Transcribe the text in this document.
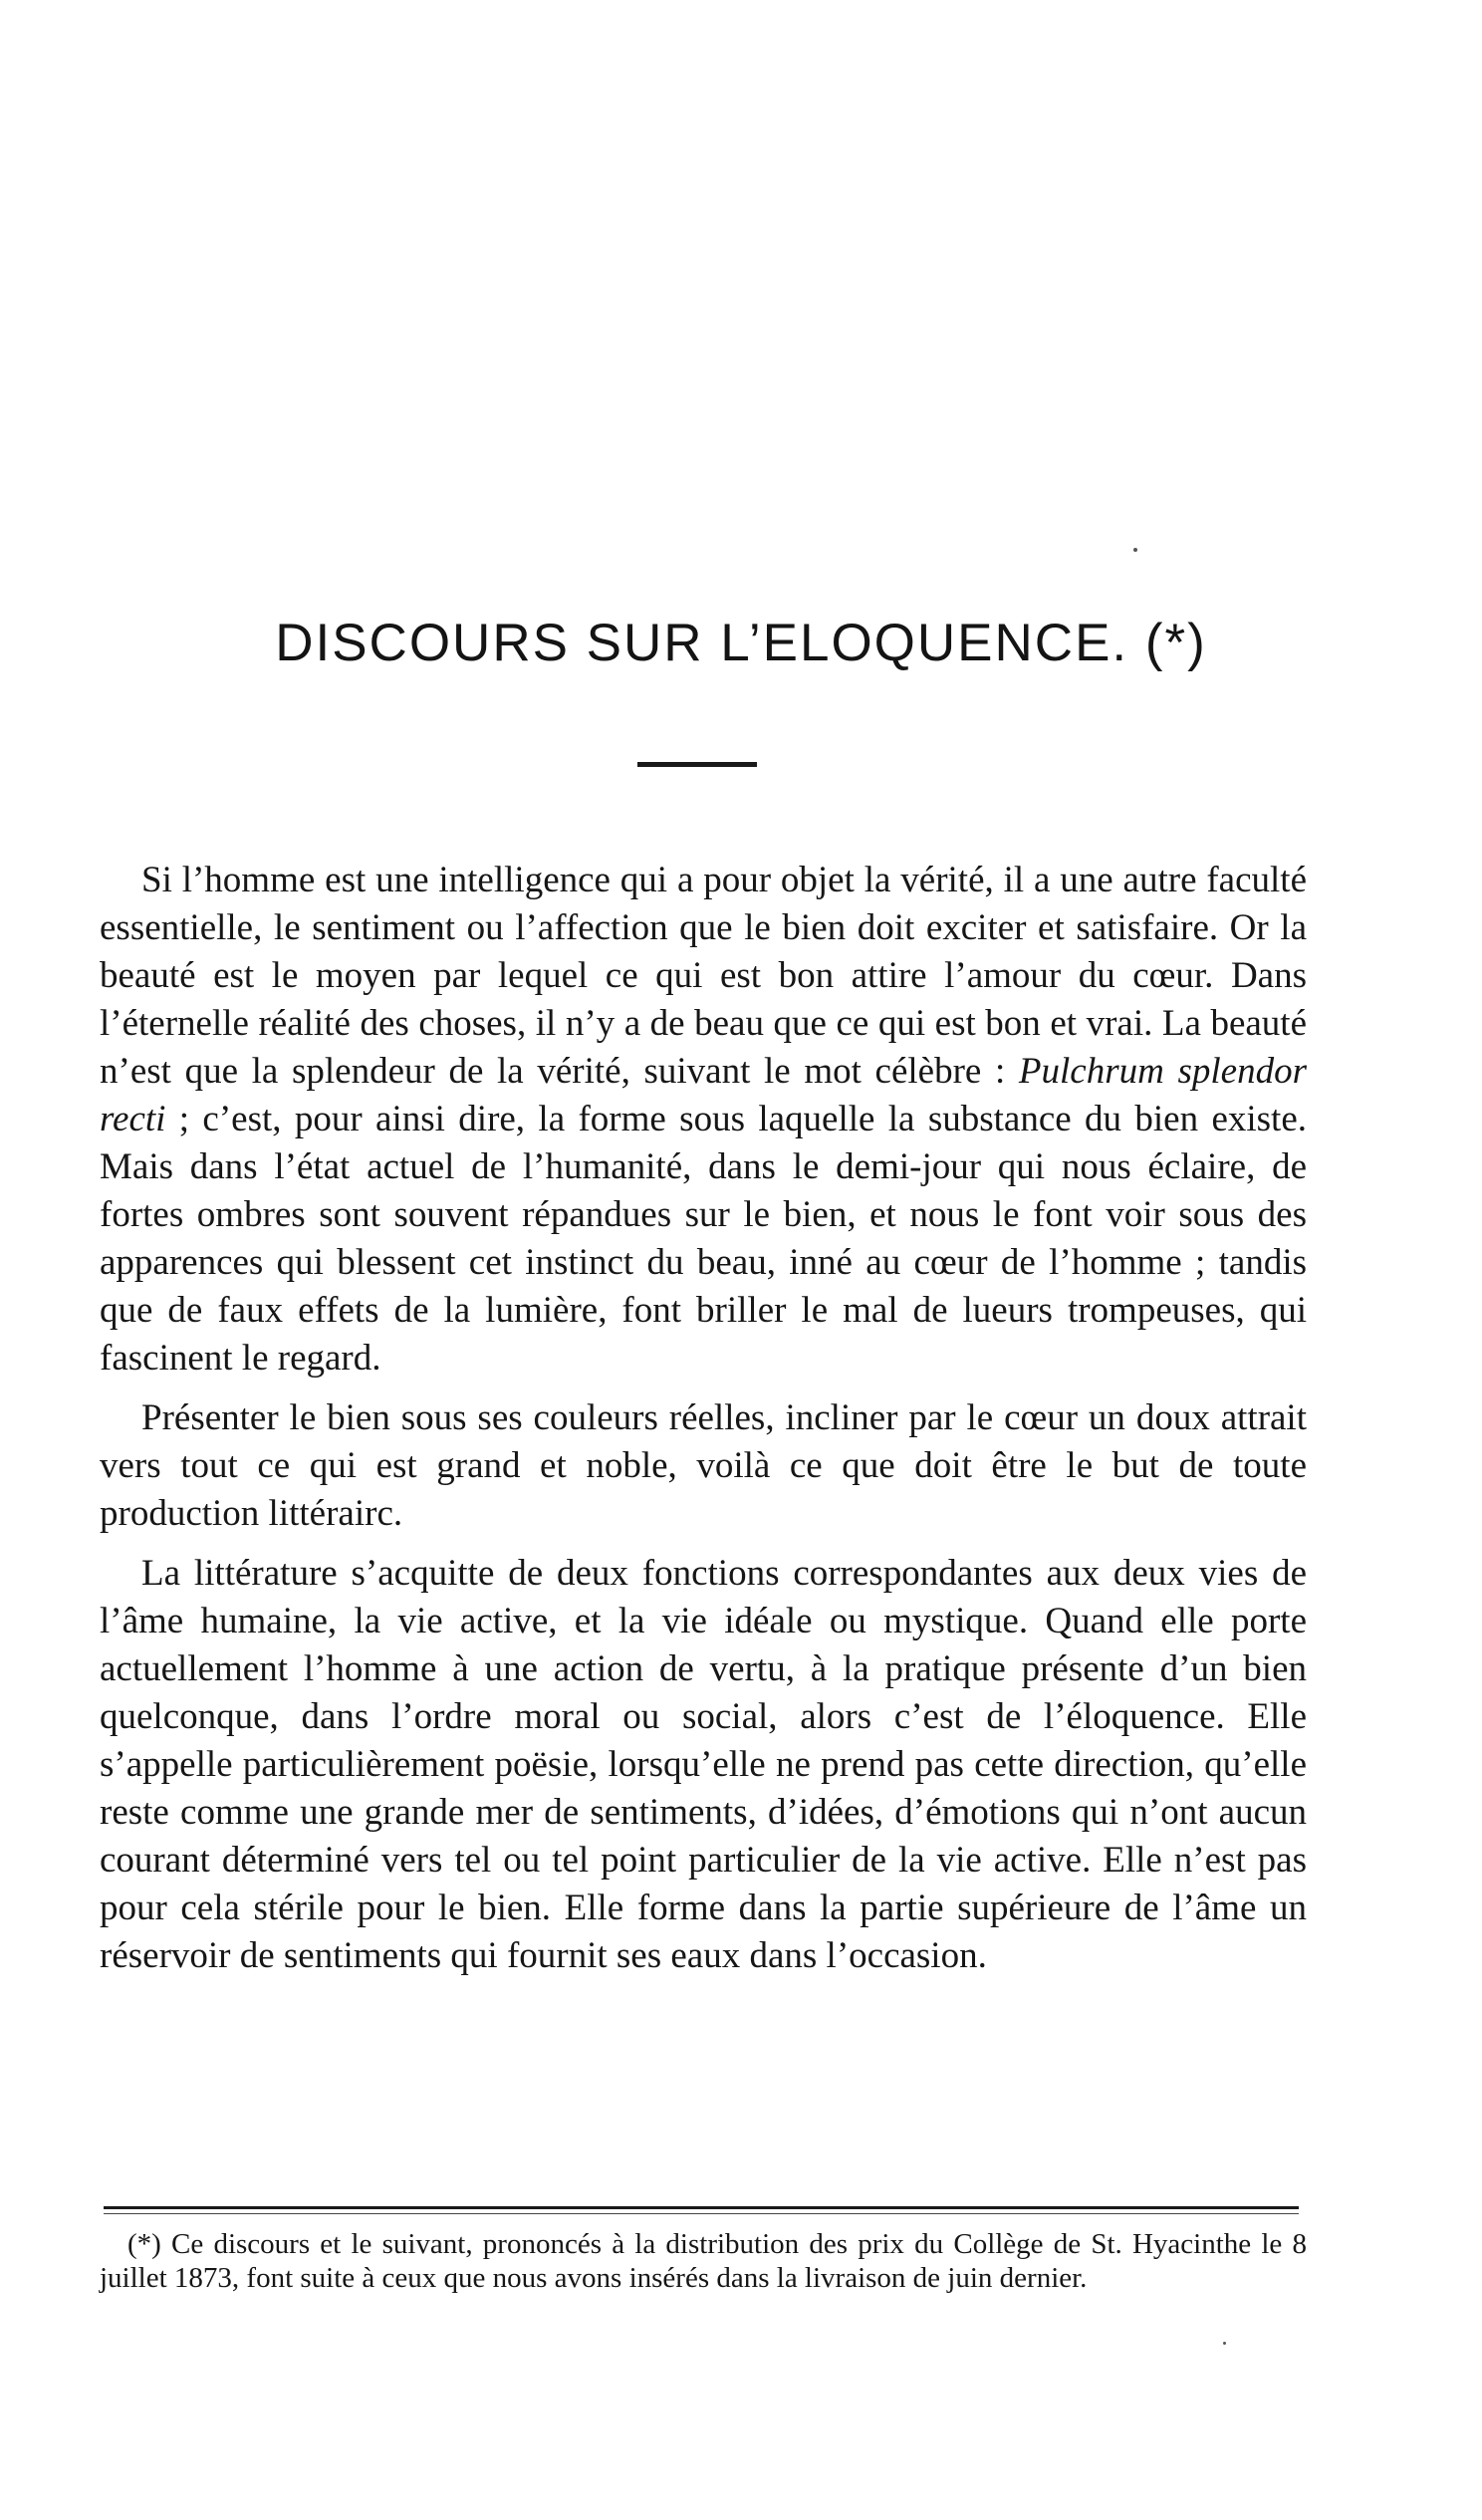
DISCOURS SUR L’ELOQUENCE. (*)

Si l’homme est une intelligence qui a pour objet la vérité, il a une autre faculté essentielle, le sentiment ou l’affection que le bien doit exciter et satisfaire. Or la beauté est le moyen par lequel ce qui est bon attire l’amour du cœur. Dans l’éternelle réalité des choses, il n’y a de beau que ce qui est bon et vrai. La beauté n’est que la splendeur de la vérité, suivant le mot célèbre : Pulchrum splendor recti ; c’est, pour ainsi dire, la forme sous laquelle la substance du bien existe. Mais dans l’état actuel de l’humanité, dans le demi-jour qui nous éclaire, de fortes ombres sont souvent répandues sur le bien, et nous le font voir sous des apparences qui blessent cet instinct du beau, inné au cœur de l’homme ; tandis que de faux effets de la lumière, font briller le mal de lueurs trompeuses, qui fascinent le regard.

Présenter le bien sous ses couleurs réelles, incliner par le cœur un doux attrait vers tout ce qui est grand et noble, voilà ce que doit être le but de toute production littérairc.

La littérature s’acquitte de deux fonctions correspondantes aux deux vies de l’âme humaine, la vie active, et la vie idéale ou mystique. Quand elle porte actuellement l’homme à une action de vertu, à la pratique présente d’un bien quelconque, dans l’ordre moral ou social, alors c’est de l’éloquence. Elle s’appelle particulièrement poësie, lorsqu’elle ne prend pas cette direction, qu’elle reste comme une grande mer de sentiments, d’idées, d’émotions qui n’ont aucun courant déterminé vers tel ou tel point particulier de la vie active. Elle n’est pas pour cela stérile pour le bien. Elle forme dans la partie supérieure de l’âme un réservoir de sentiments qui fournit ses eaux dans l’occasion.

(*) Ce discours et le suivant, prononcés à la distribution des prix du Collège de St. Hyacinthe le 8 juillet 1873, font suite à ceux que nous avons insérés dans la livraison de juin dernier.
